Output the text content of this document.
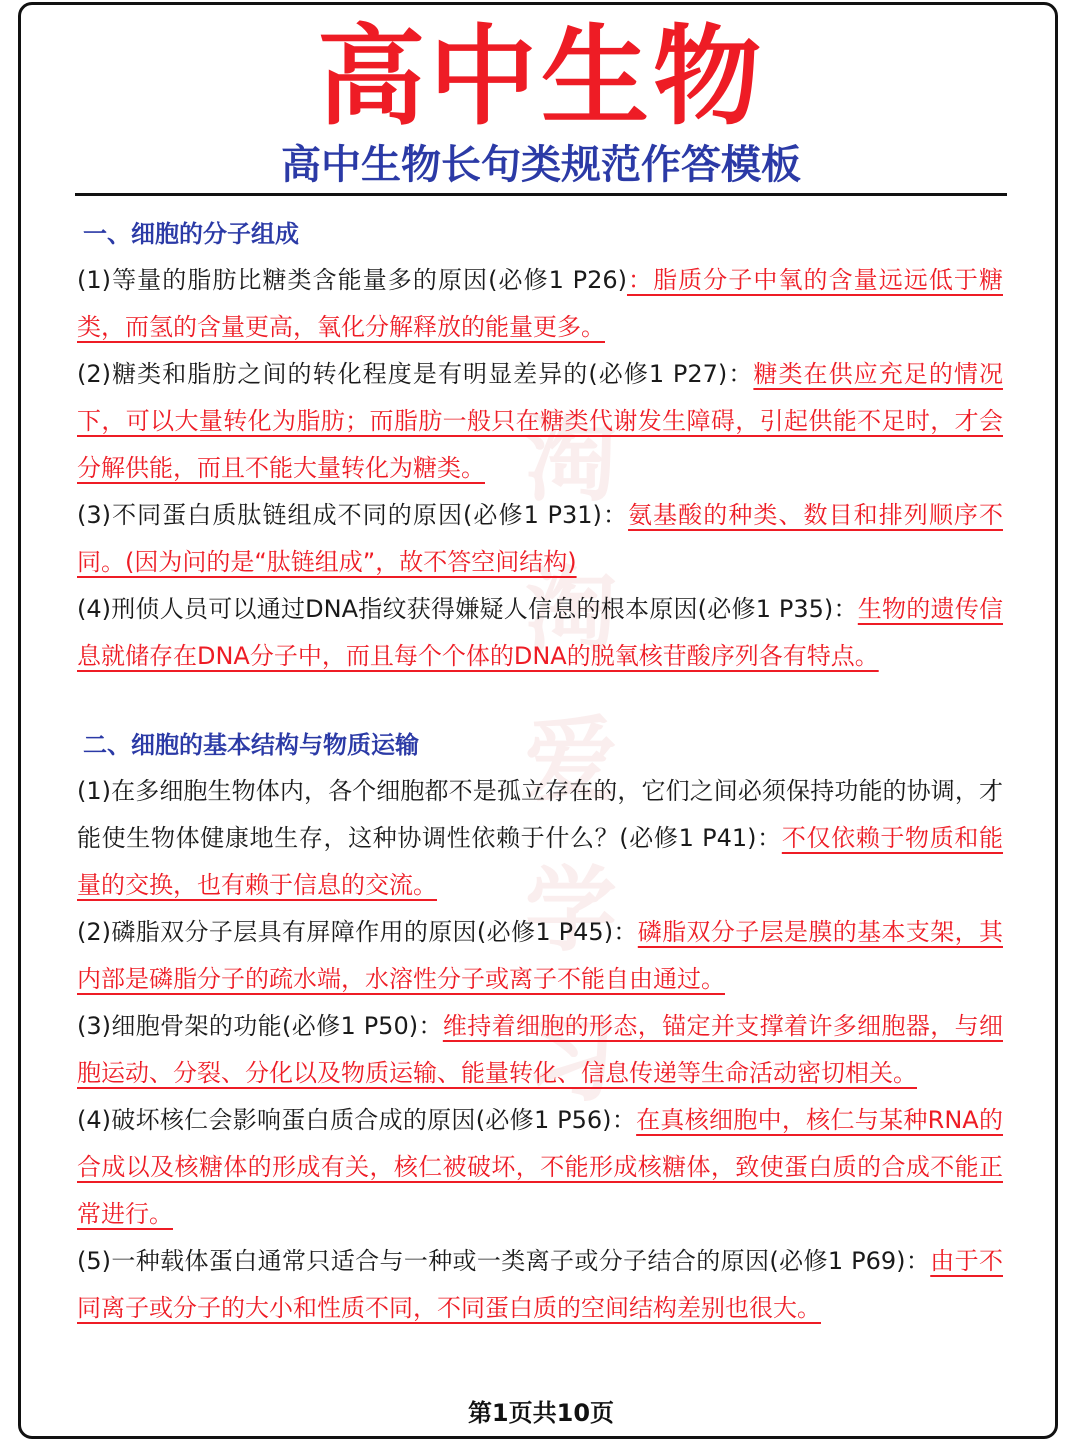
淘淘爱学习
高中生物
高中生物长句类规范作答模板
一、细胞的分子组成

(1)等量的脂肪比糖类含能量多的原因(必修1 P26)：脂质分子中氧的含量远远低于糖类，而氢的含量更高，氧化分解释放的能量更多。

(2)糖类和脂肪之间的转化程度是有明显差异的(必修1 P27)：糖类在供应充足的情况下，可以大量转化为脂肪；而脂肪一般只在糖类代谢发生障碍，引起供能不足时，才会分解供能，而且不能大量转化为糖类。

(3)不同蛋白质肽链组成不同的原因(必修1 P31)：氨基酸的种类、数目和排列顺序不同。(因为问的是“肽链组成”，故不答空间结构)

(4)刑侦人员可以通过DNA指纹获得嫌疑人信息的根本原因(必修1 P35)：生物的遗传信息就储存在DNA分子中，而且每个个体的DNA的脱氧核苷酸序列各有特点。

二、细胞的基本结构与物质运输

(1)在多细胞生物体内，各个细胞都不是孤立存在的，它们之间必须保持功能的协调，才能使生物体健康地生存，这种协调性依赖于什么？(必修1 P41)：不仅依赖于物质和能量的交换，也有赖于信息的交流。

(2)磷脂双分子层具有屏障作用的原因(必修1 P45)：磷脂双分子层是膜的基本支架，其内部是磷脂分子的疏水端，水溶性分子或离子不能自由通过。

(3)细胞骨架的功能(必修1 P50)：维持着细胞的形态，锚定并支撑着许多细胞器，与细胞运动、分裂、分化以及物质运输、能量转化、信息传递等生命活动密切相关。

(4)破坏核仁会影响蛋白质合成的原因(必修1 P56)：在真核细胞中，核仁与某种RNA的合成以及核糖体的形成有关，核仁被破坏，不能形成核糖体，致使蛋白质的合成不能正常进行。

(5)一种载体蛋白通常只适合与一种或一类离子或分子结合的原因(必修1 P69)：由于不同离子或分子的大小和性质不同，不同蛋白质的空间结构差别也很大。

第1页共10页
